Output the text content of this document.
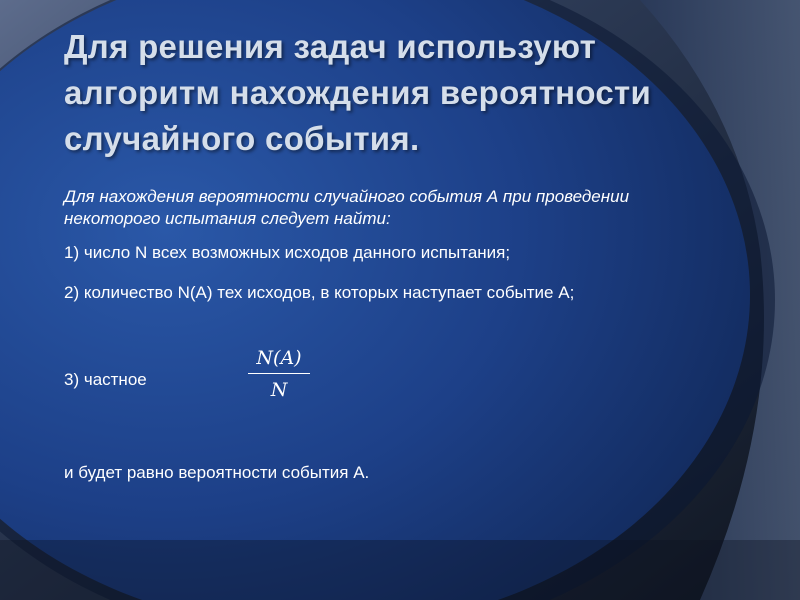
Для решения задач используют алгоритм нахождения вероятности случайного события.

Для нахождения вероятности случайного события А при проведении некоторого испытания следует найти:

1) число N всех возможных исходов данного испытания;

2) количество N(A) тех исходов, в которых наступает событие А;

3) частное

N(A)
N

и будет равно вероятности события А.
